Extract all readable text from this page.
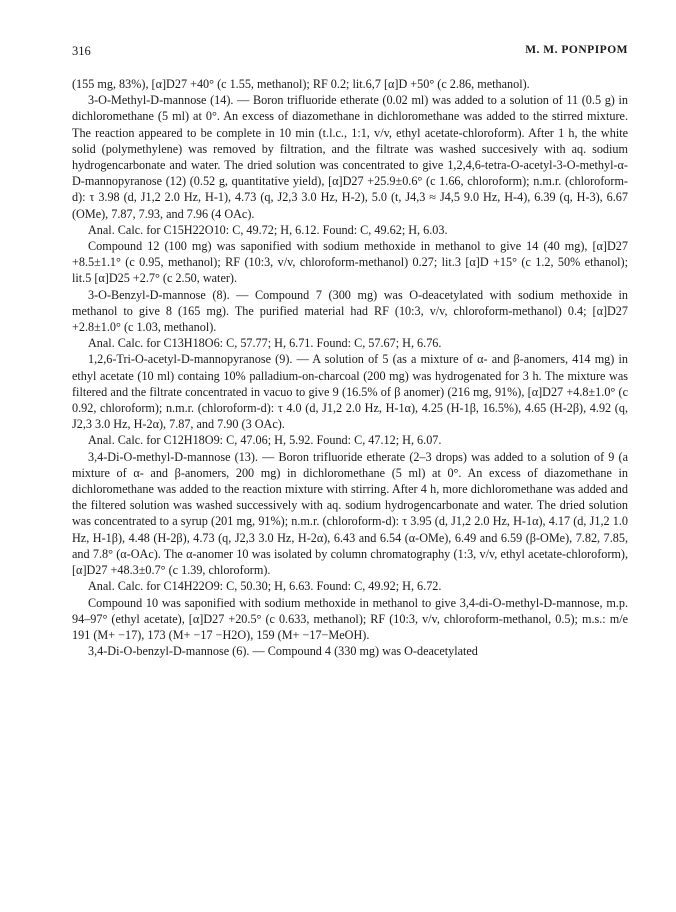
316	M. M. PONPIPOM

(155 mg, 83%), [α]D27 +40° (c 1.55, methanol); RF 0.2; lit.6,7 [α]D +50° (c 2.86, methanol).

3-O-Methyl-D-mannose (14). — Boron trifluoride etherate (0.02 ml) was added to a solution of 11 (0.5 g) in dichloromethane (5 ml) at 0°. An excess of diazomethane in dichloromethane was added to the stirred mixture. The reaction appeared to be complete in 10 min (t.l.c., 1:1, v/v, ethyl acetate-chloroform). After 1 h, the white solid (polymethylene) was removed by filtration, and the filtrate was washed succesively with aq. sodium hydrogencarbonate and water. The dried solution was concentrated to give 1,2,4,6-tetra-O-acetyl-3-O-methyl-α-D-mannopyranose (12) (0.52 g, quantitative yield), [α]D27 +25.9±0.6° (c 1.66, chloroform); n.m.r. (chloroform-d): τ 3.98 (d, J1,2 2.0 Hz, H-1), 4.73 (q, J2,3 3.0 Hz, H-2), 5.0 (t, J4,3 ≈ J4,5 9.0 Hz, H-4), 6.39 (q, H-3), 6.67 (OMe), 7.87, 7.93, and 7.96 (4 OAc).

Anal. Calc. for C15H22O10: C, 49.72; H, 6.12. Found: C, 49.62; H, 6.03.

Compound 12 (100 mg) was saponified with sodium methoxide in methanol to give 14 (40 mg), [α]D27 +8.5±1.1° (c 0.95, methanol); RF (10:3, v/v, chloroform-methanol) 0.27; lit.3 [α]D +15° (c 1.2, 50% ethanol); lit.5 [α]D25 +2.7° (c 2.50, water).

3-O-Benzyl-D-mannose (8). — Compound 7 (300 mg) was O-deacetylated with sodium methoxide in methanol to give 8 (165 mg). The purified material had RF (10:3, v/v, chloroform-methanol) 0.4; [α]D27 +2.8±1.0° (c 1.03, methanol).

Anal. Calc. for C13H18O6: C, 57.77; H, 6.71. Found: C, 57.67; H, 6.76.

1,2,6-Tri-O-acetyl-D-mannopyranose (9). — A solution of 5 (as a mixture of α- and β-anomers, 414 mg) in ethyl acetate (10 ml) containg 10% palladium-on-charcoal (200 mg) was hydrogenated for 3 h. The mixture was filtered and the filtrate concentrated in vacuo to give 9 (16.5% of β anomer) (216 mg, 91%), [α]D27 +4.8±1.0° (c 0.92, chloroform); n.m.r. (chloroform-d): τ 4.0 (d, J1,2 2.0 Hz, H-1α), 4.25 (H-1β, 16.5%), 4.65 (H-2β), 4.92 (q, J2,3 3.0 Hz, H-2α), 7.87, and 7.90 (3 OAc).

Anal. Calc. for C12H18O9: C, 47.06; H, 5.92. Found: C, 47.12; H, 6.07.

3,4-Di-O-methyl-D-mannose (13). — Boron trifluoride etherate (2–3 drops) was added to a solution of 9 (a mixture of α- and β-anomers, 200 mg) in dichloromethane (5 ml) at 0°. An excess of diazomethane in dichloromethane was added to the reaction mixture with stirring. After 4 h, more dichloromethane was added and the filtered solution was washed successively with aq. sodium hydrogencarbonate and water. The dried solution was concentrated to a syrup (201 mg, 91%); n.m.r. (chloroform-d): τ 3.95 (d, J1,2 2.0 Hz, H-1α), 4.17 (d, J1,2 1.0 Hz, H-1β), 4.48 (H-2β), 4.73 (q, J2,3 3.0 Hz, H-2α), 6.43 and 6.54 (α-OMe), 6.49 and 6.59 (β-OMe), 7.82, 7.85, and 7.8° (α-OAc). The α-anomer 10 was isolated by column chromatography (1:3, v/v, ethyl acetate-chloroform), [α]D27 +48.3±0.7° (c 1.39, chloroform).

Anal. Calc. for C14H22O9: C, 50.30; H, 6.63. Found: C, 49.92; H, 6.72.

Compound 10 was saponified with sodium methoxide in methanol to give 3,4-di-O-methyl-D-mannose, m.p. 94–97° (ethyl acetate), [α]D27 +20.5° (c 0.633, methanol); RF (10:3, v/v, chloroform-methanol, 0.5); m.s.: m/e 191 (M+ −17), 173 (M+ −17 −H2O), 159 (M+ −17−MeOH).

3,4-Di-O-benzyl-D-mannose (6). — Compound 4 (330 mg) was O-deacetylated
